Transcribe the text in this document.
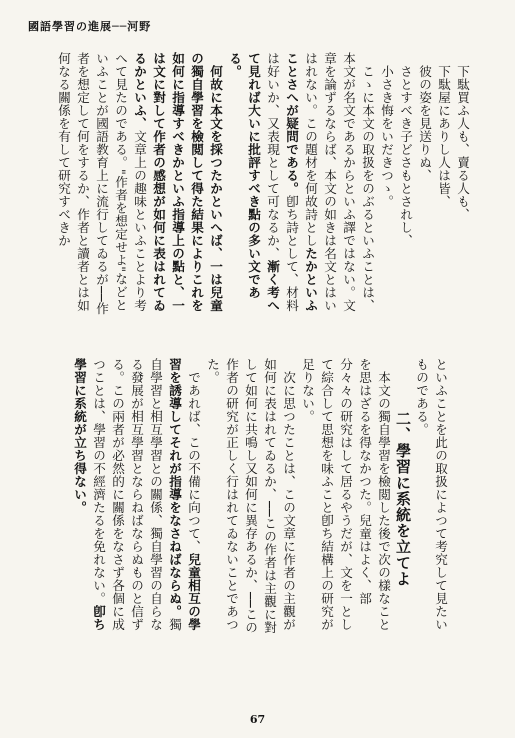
國語學習の進展──河野

下駄買ふ人も、賣る人も、

下駄屋にありし人は皆、

彼の姿を見送りぬ、

さとすべき子どさもとされし、

小さき悔をいだきつゝ。

こゝに本文の取扱をのぶるといふことは、本文が名文であるからといふ譯ではない。文章を論ずるならば、本文の如きは名文とはいはれない。この題材を何故詩としたかといふことさへが疑問である。卽ち詩として、材料は好いか、又表現として可なるか、漸く考へて見れば大いに批評すべき點の多い文である。

何故に本文を採つたかといへば、一は兒童の獨自學習を檢閲して得た結果によりこれを如何に指導すべきかといふ指導上の點と、一は文に對して作者の感想が如何に表はれてゐるかといふ、文章上の趣味といふことより考へて見たのである。"作者を想定せよ"などといふことが國語教育上に流行してゐるが──作者を想定して何をするか、作者と讀者とは如何なる關係を有して研究すべきか

といふことを此の取扱によつて考究して見たいものである。

二、學習に系統を立てよ

本文の獨自學習を檢閲した後で次の樣なことを思はざるを得なかつた。兒童はよく、部分々々の研究はして居るやうだが、文を一として綜合して思想を味ふこと卽ち結構上の研究が足りない。

次に思つたことは、この文章に作者の主觀が如何に表はれてゐるか、──この作者は主觀に對して如何に共鳴し又如何に異存あるか、──この作者の研究が正しく行はれてゐないことであつた。

であれば、この不備に向つて、兒童相互の學習を誘導してそれが指導をなさねばならぬ。獨自學習と相互學習との關係、獨自學習の自らなる發展が相互學習とならねばならぬものと信ずる。この兩者が必然的に關係をなさず各個に成つことは、學習の不經濟たるを免れない。卽ち學習に系統が立ち得ない。

67
